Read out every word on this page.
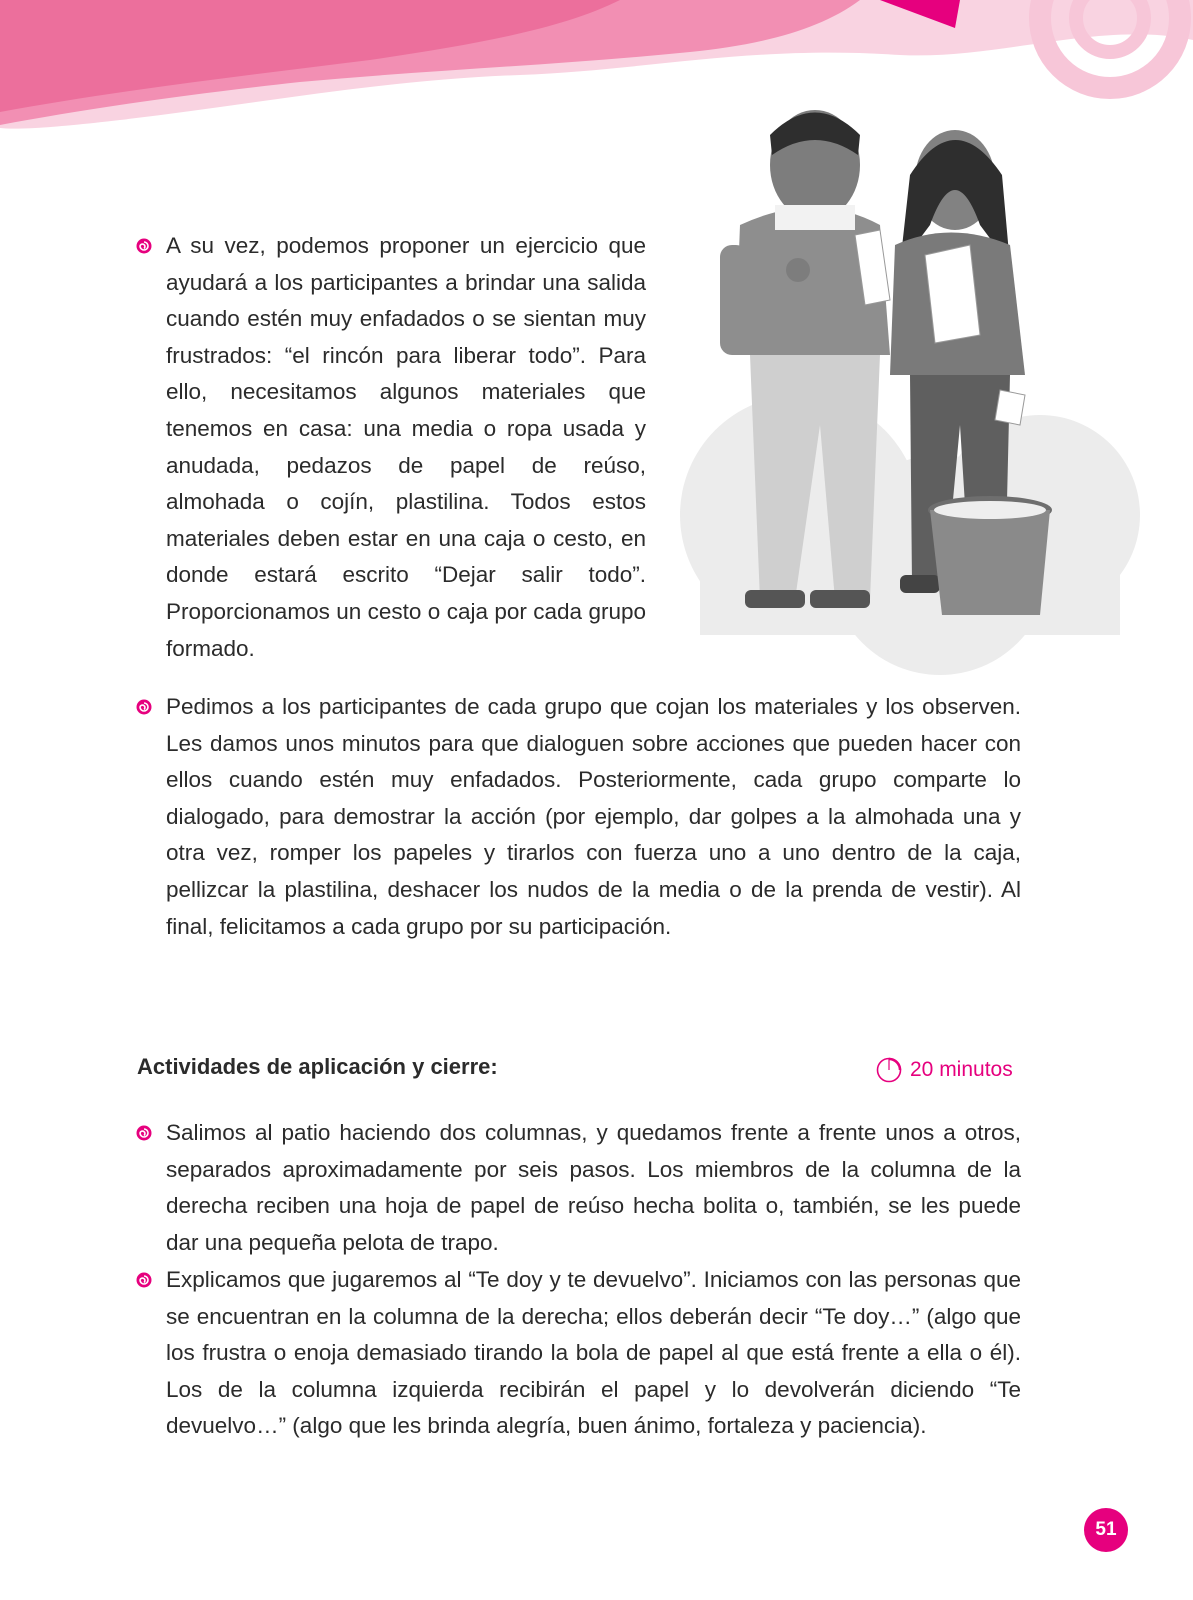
A su vez, podemos proponer un ejercicio que ayudará a los participantes a brindar una salida cuando estén muy enfadados o se sientan muy frustrados: “el rincón para liberar todo”. Para ello, necesitamos algunos materiales que tenemos en casa: una media o ropa usada y anudada, pedazos de papel de reúso, almohada o cojín, plastilina. Todos estos materiales deben estar en una caja o cesto, en donde estará escrito “Dejar salir todo”. Proporcionamos un cesto o caja por cada grupo formado.
Pedimos a los participantes de cada grupo que cojan los materiales y los observen. Les damos unos minutos para que dialoguen sobre acciones que pueden hacer con ellos cuando estén muy enfadados. Posteriormente, cada grupo comparte lo dialogado, para demostrar la acción (por ejemplo, dar golpes a la almohada una y otra vez, romper los papeles y tirarlos con fuerza uno a uno dentro de la caja, pellizcar la plastilina, deshacer los nudos de la media o de la prenda de vestir). Al final, felicitamos a cada grupo por su participación.
Actividades de aplicación y cierre:	20 minutos
Salimos al patio haciendo dos columnas, y quedamos frente a frente unos a otros, separados aproximadamente por seis pasos. Los miembros de la columna de la derecha reciben una hoja de papel de reúso hecha bolita o, también, se les puede dar una pequeña pelota de trapo.
Explicamos que jugaremos al “Te doy y te devuelvo”. Iniciamos con las personas que se encuentran en la columna de la derecha; ellos deberán decir “Te doy…” (algo que los frustra o enoja demasiado tirando la bola de papel al que está frente a ella o él). Los de la columna izquierda recibirán el papel y lo devolverán diciendo “Te devuelvo…” (algo que les brinda alegría, buen ánimo, fortaleza y paciencia).
51
